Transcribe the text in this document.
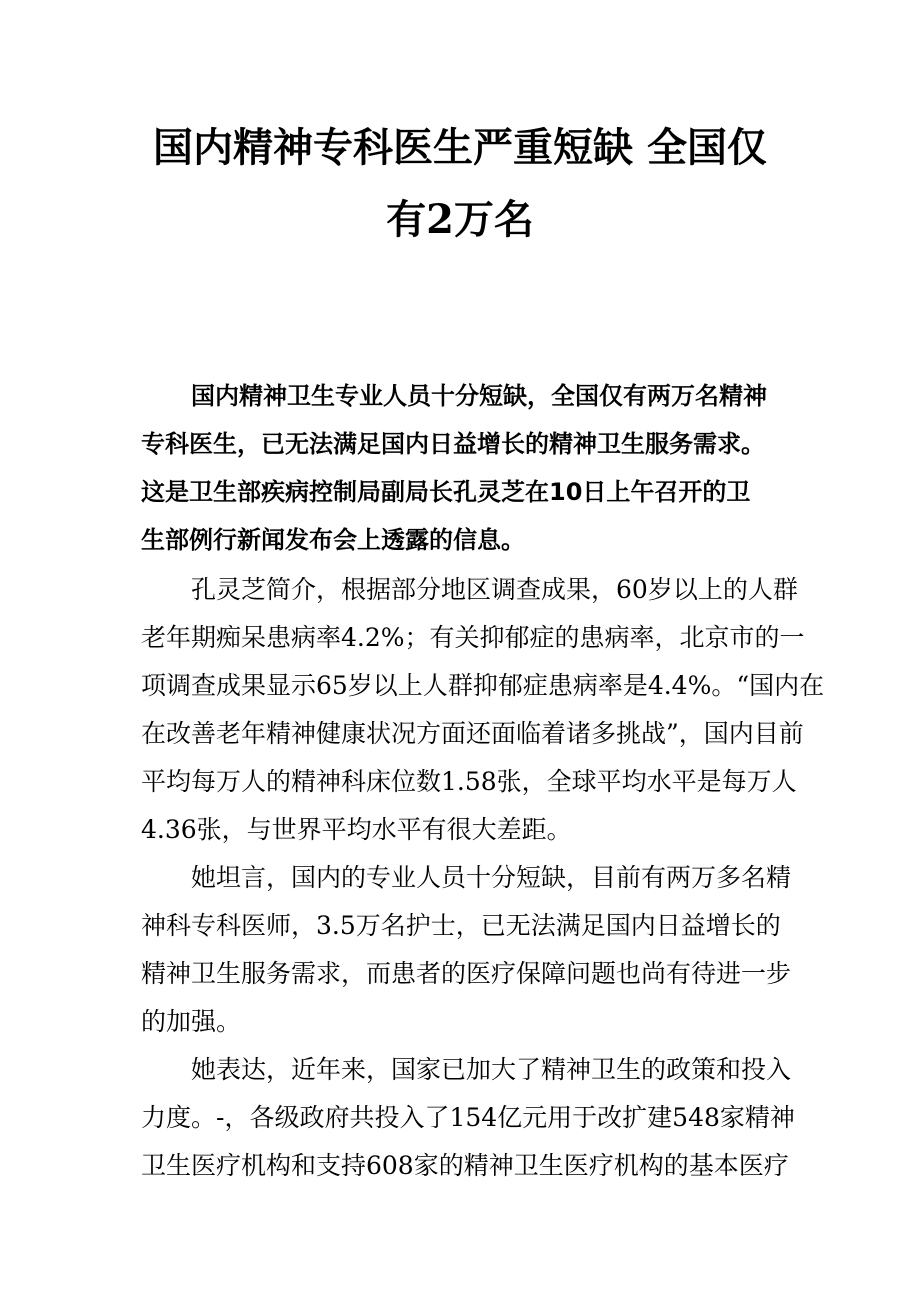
国内精神专科医生严重短缺 全国仅
有2万名
国内精神卫生专业人员十分短缺，全国仅有两万名精神
专科医生，已无法满足国内日益增长的精神卫生服务需求。
这是卫生部疾病控制局副局长孔灵芝在10日上午召开的卫
生部例行新闻发布会上透露的信息。
孔灵芝简介，根据部分地区调查成果，60岁以上的人群
老年期痴呆患病率4.2%；有关抑郁症的患病率，北京市的一
项调查成果显示65岁以上人群抑郁症患病率是4.4%。“国内在
在改善老年精神健康状况方面还面临着诸多挑战”，国内目前
平均每万人的精神科床位数1.58张，全球平均水平是每万人
4.36张，与世界平均水平有很大差距。
她坦言，国内的专业人员十分短缺，目前有两万多名精
神科专科医师，3.5万名护士，已无法满足国内日益增长的
精神卫生服务需求，而患者的医疗保障问题也尚有待进一步
的加强。
她表达，近年来，国家已加大了精神卫生的政策和投入
力度。-，各级政府共投入了154亿元用于改扩建548家精神
卫生医疗机构和支持608家的精神卫生医疗机构的基本医疗
